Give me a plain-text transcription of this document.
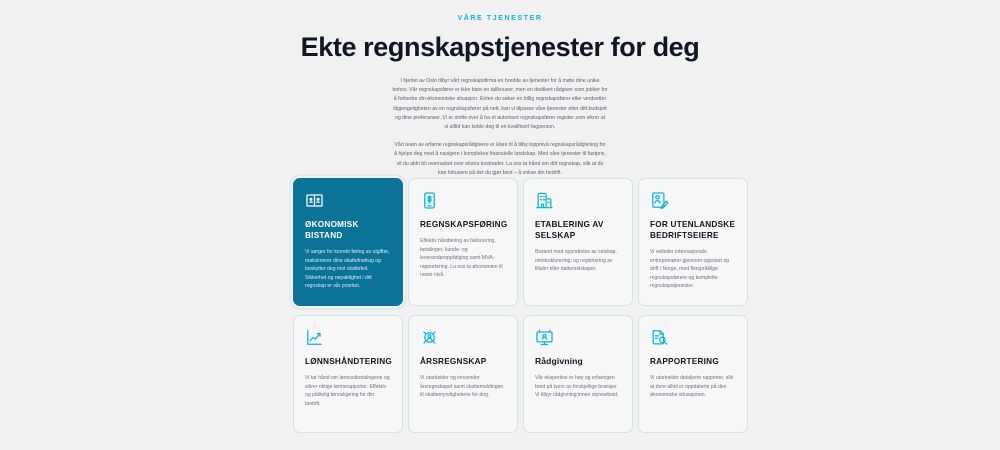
VÅRE TJENESTER
Ekte regnskapstjenester for deg

I hjertet av Oslo tilbyr vårt regnskapsfirma en bredde av tjenester for å møte dine unike behov. Vår regnskapsfører er ikke bare en tallknuser, men en dedikert rådgiver som jobber for å forbedre din økonomiske situasjon. Enten du søker en billig regnskapsfører eller verdsetter tilgjengeligheten av en regnskapsfører på nett, kan vi tilpasse våre tjenester etter ditt budsjett og dine preferanser. Vi er stolte over å ha et autorisert regnskapsfører register som sikrer at vi alltid kan koble deg til en kvalifisert fagperson.

Vårt team av erfarne regnskapsrådgivere er klare til å tilby toppnivå regnskapsrådgivning for å hjelpe deg med å navigere i komplekse finansielle landskap. Med våre tjenester til fastpris, vil du aldri bli overrasket over ekstra kostnader. La oss ta hånd om ditt regnskap, slik at du kan fokusere på det du gjør best – å vokse din bedrift.

ØKONOMISK BISTAND
Vi sørger for korrekt føring av utgifter, maksimerer dine skattefradrag og beskytter deg mot skattefeil. Sikkerhet og nøyaktighet i ditt regnskap er vår prioritet.
REGNSKAPSFØRING
Effektiv håndtering av fakturering, betalinger, kunde- og leverandøroppfølging samt MVA-rapportering. La oss ta økonomien til neste nivå.
ETABLERING AV SELSKAP
Bistand med opprettelse av selskap, omstrukturering, og registrering av filialer eller datterselskaper.
FOR UTENLANDSKE BEDRIFTSEIERE
Vi veileder internasjonale entreprenører gjennom oppstart og drift i Norge, med flerspråklige regnskapsførere og komplette regnskapstjenester.
LØNNSHÅNDTERING
Vi tar hånd om lønnsutbetalingene og sikrer riktige lønnsrapporter. Effektiv og pålitelig lønnskjøring for din bedrift.
ÅRSREGNSKAP
Vi utarbeider og innsender årsregnskapet samt skattemeldingen til skattemyndighetene for deg.
Rådgivning
Vår ekspertise er høy og erfaringen bred på tvers av forskjellige bransjer. Vi tilbyr rådgivning innen styrearbeid.
RAPPORTERING
Vi utarbeider detaljerte rapporter, slik at dere alltid er oppdaterte på den økonomiske situasjonen.
